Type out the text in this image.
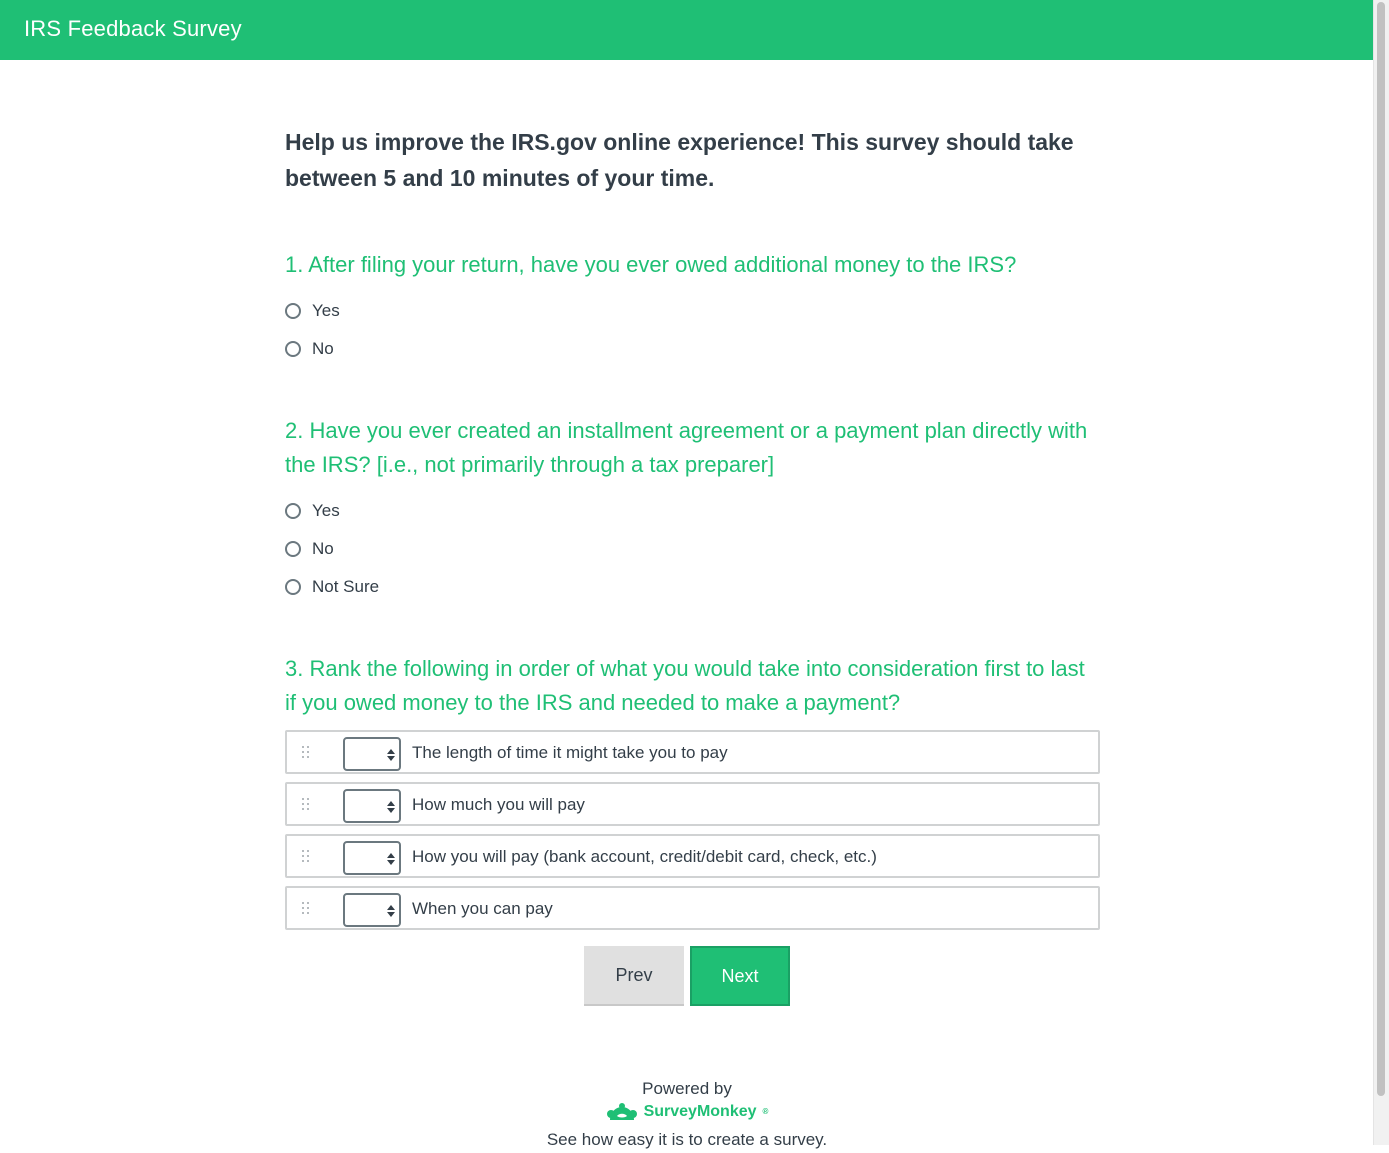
IRS Feedback Survey

Help us improve the IRS.gov online experience! This survey should take between 5 and 10 minutes of your time.

1. After filing your return, have you ever owed additional money to the IRS?
Yes
No
2. Have you ever created an installment agreement or a payment plan directly with the IRS? [i.e., not primarily through a tax preparer]
Yes
No
Not Sure
3. Rank the following in order of what you would take into consideration first to last if you owed money to the IRS and needed to make a payment?
The length of time it might take you to pay
How much you will pay
How you will pay (bank account, credit/debit card, check, etc.)
When you can pay
Prev	Next
Powered by
SurveyMonkey ®
See how easy it is to create a survey.
